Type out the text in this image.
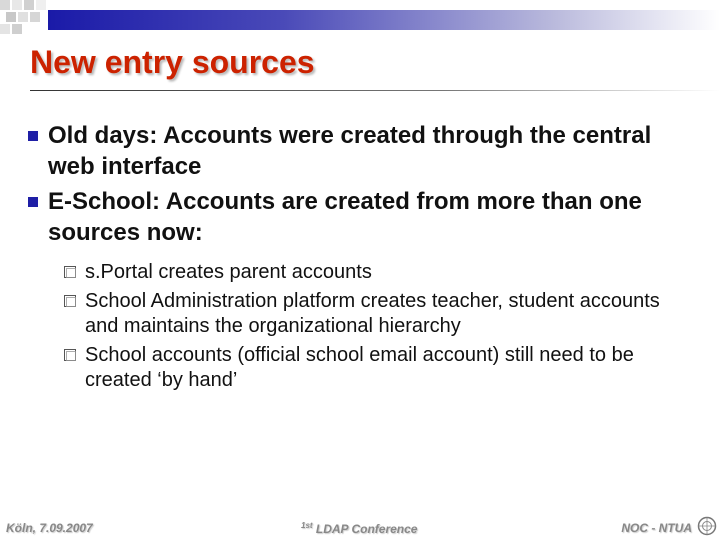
New entry sources
Old days: Accounts were created through the central web interface
E-School: Accounts are created from more than one sources now:
s.Portal creates parent accounts
School Administration platform creates teacher, student accounts and maintains the organizational hierarchy
School accounts (official school email account) still need to be created ‘by hand’
Köln, 7.09.2007	$^{1st}$ LDAP Conference	NOC - NTUA
